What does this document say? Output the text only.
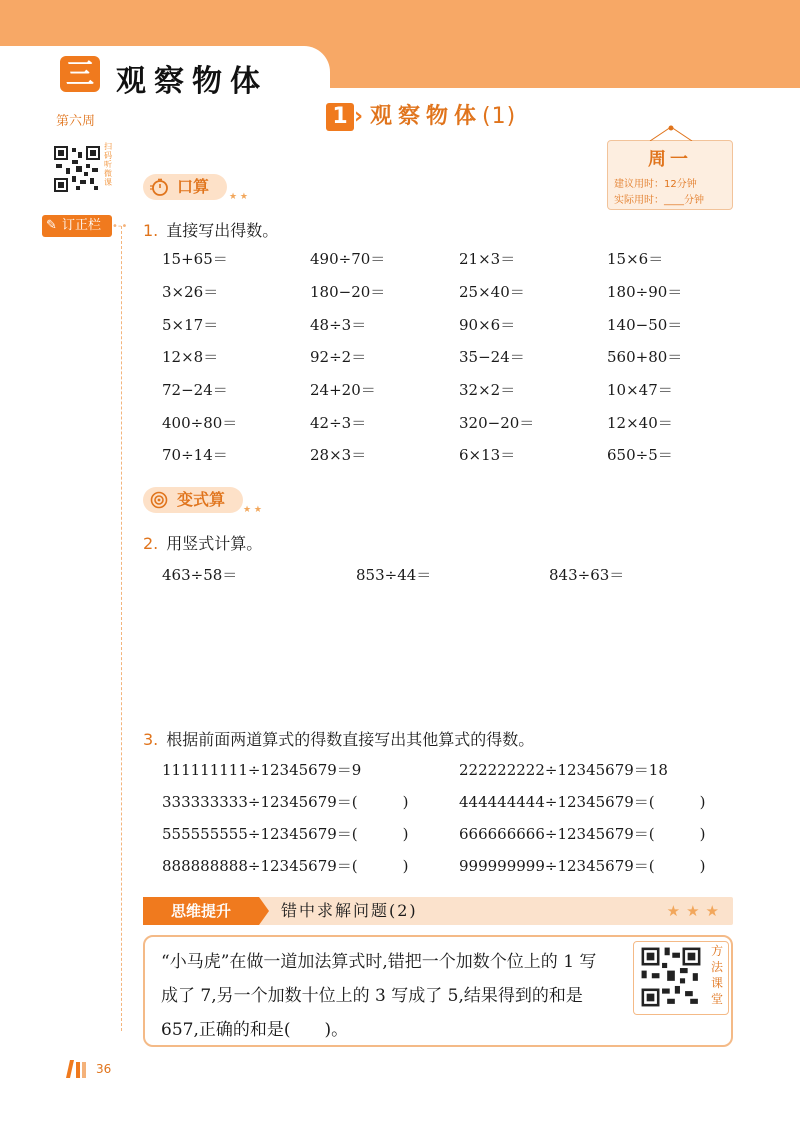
三 观察物体
第六周
扫码听微课
✎ 订正栏	•-•
1 › 观察物体(1)
周一
建议用时：12分钟
实际用时：____分钟
口算
★ ★
1. 直接写出得数。
15+65＝	490÷70＝	21×3＝	15×6＝
3×26＝	180−20＝	25×40＝	180÷90＝
5×17＝	48÷3＝	90×6＝	140−50＝
12×8＝	92÷2＝	35−24＝	560+80＝
72−24＝	24+20＝	32×2＝	10×47＝
400÷80＝	42÷3＝	320−20＝	12×40＝
70÷14＝	28×3＝	6×13＝	650÷5＝
变式算
★ ★
2. 用竖式计算。
463÷58＝	853÷44＝	843÷63＝
3. 根据前面两道算式的得数直接写出其他算式的得数。
111111111÷12345679＝9	222222222÷12345679＝18
333333333÷12345679＝(　　　)	444444444÷12345679＝(　　　)
555555555÷12345679＝(　　　)	666666666÷12345679＝(　　　)
888888888÷12345679＝(　　　)	999999999÷12345679＝(　　　)
思维提升	错中求解问题(2)	★★★
“小马虎”在做一道加法算式时,错把一个加数个位上的 1 写
成了 7,另一个加数十位上的 3 写成了 5,结果得到的和是
657,正确的和是(　　)。
方法课堂
36
